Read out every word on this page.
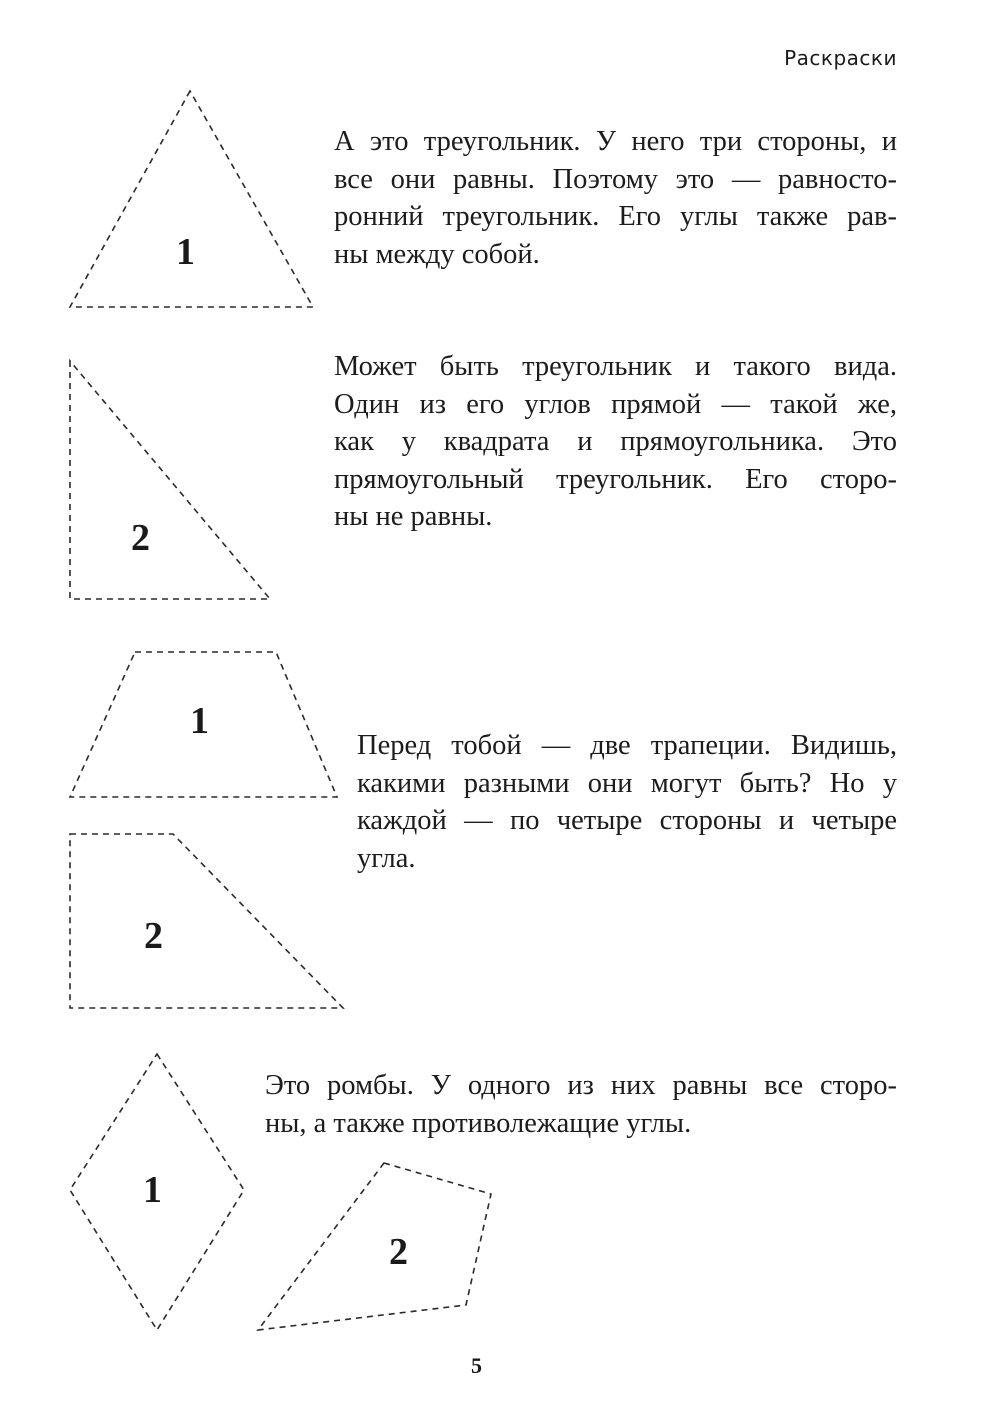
Раскраски
1
2
1
2
1
2
А это треугольник. У него три стороны, и
все они равны. Поэтому это — равносто-
ронний треугольник. Его углы также рав-
ны между собой.
Может быть треугольник и такого вида.
Один из его углов прямой — такой же,
как у квадрата и прямоугольника. Это
прямоугольный треугольник. Его сторо-
ны не равны.
Перед тобой — две трапеции. Видишь,
какими разными они могут быть? Но у
каждой — по четыре стороны и четыре
угла.
Это ромбы. У одного из них равны все сторо-
ны, а также противолежащие углы.
5
